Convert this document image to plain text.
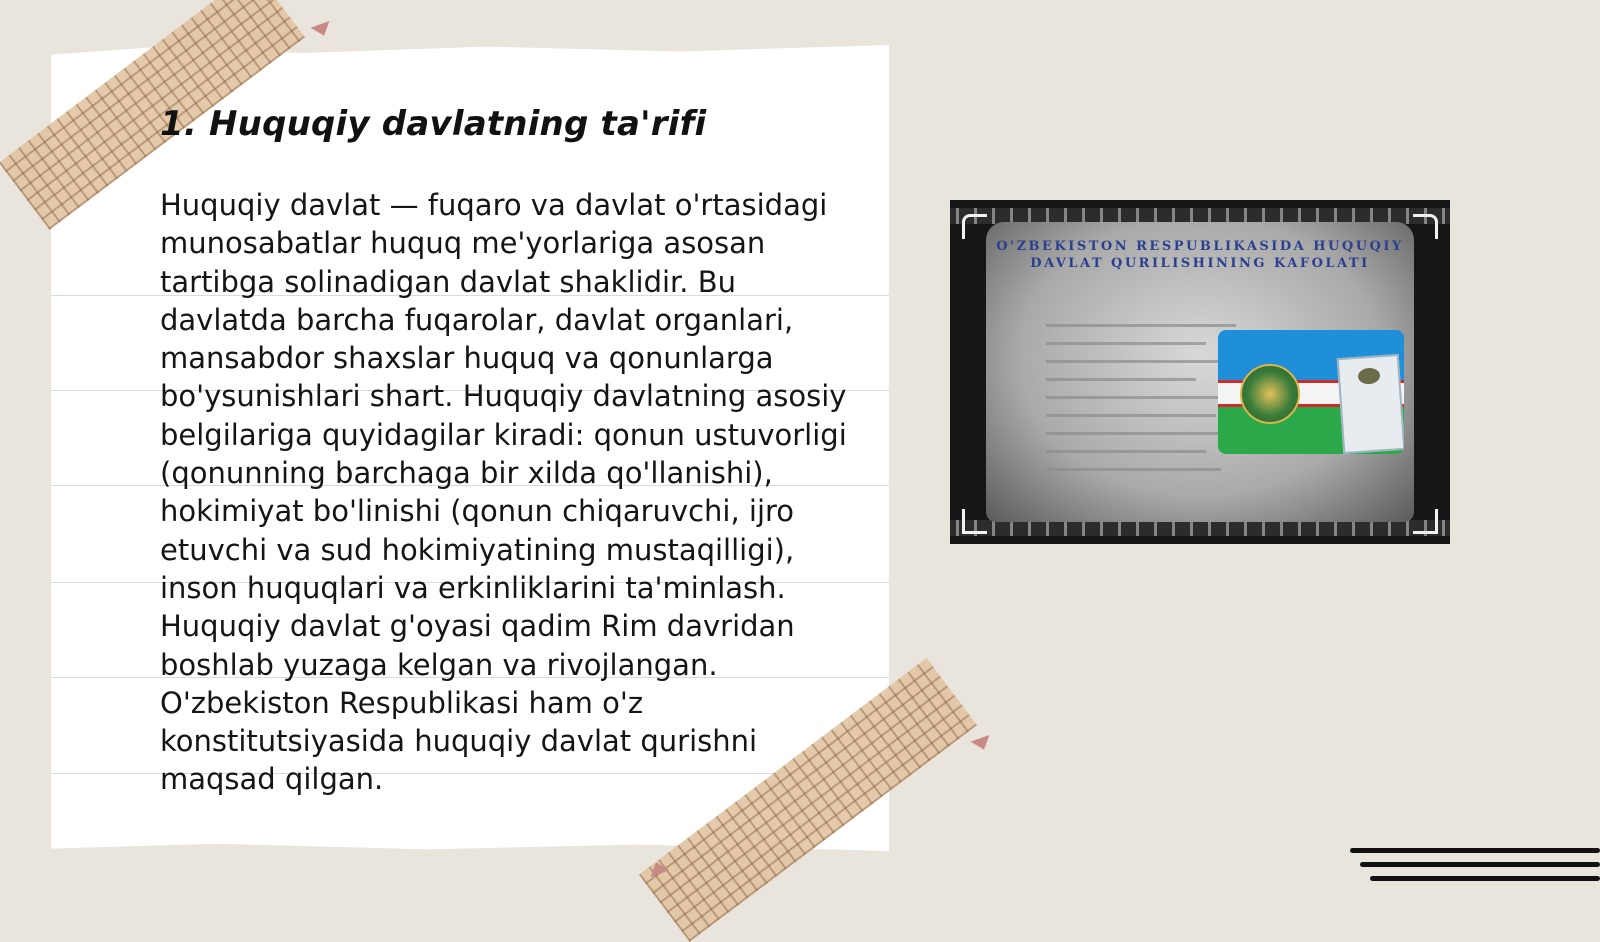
1. Huquqiy davlatning ta'rifi

Huquqiy davlat — fuqaro va davlat o'rtasidagi munosabatlar huquq me'yorlariga asosan tartibga solinadigan davlat shaklidir. Bu davlatda barcha fuqarolar, davlat organlari, mansabdor shaxslar huquq va qonunlarga bo'ysunishlari shart. Huquqiy davlatning asosiy belgilariga quyidagilar kiradi: qonun ustuvorligi (qonunning barchaga bir xilda qo'llanishi), hokimiyat bo'linishi (qonun chiqaruvchi, ijro etuvchi va sud hokimiyatining mustaqilligi), inson huquqlari va erkinliklarini ta'minlash. Huquqiy davlat g'oyasi qadim Rim davridan boshlab yuzaga kelgan va rivojlangan. O'zbekiston Respublikasi ham o'z konstitutsiyasida huquqiy davlat qurishni maqsad qilgan.

O'ZBEKISTON RESPUBLIKASIDA HUQUQIY DAVLAT QURILISHINING KAFOLATI
